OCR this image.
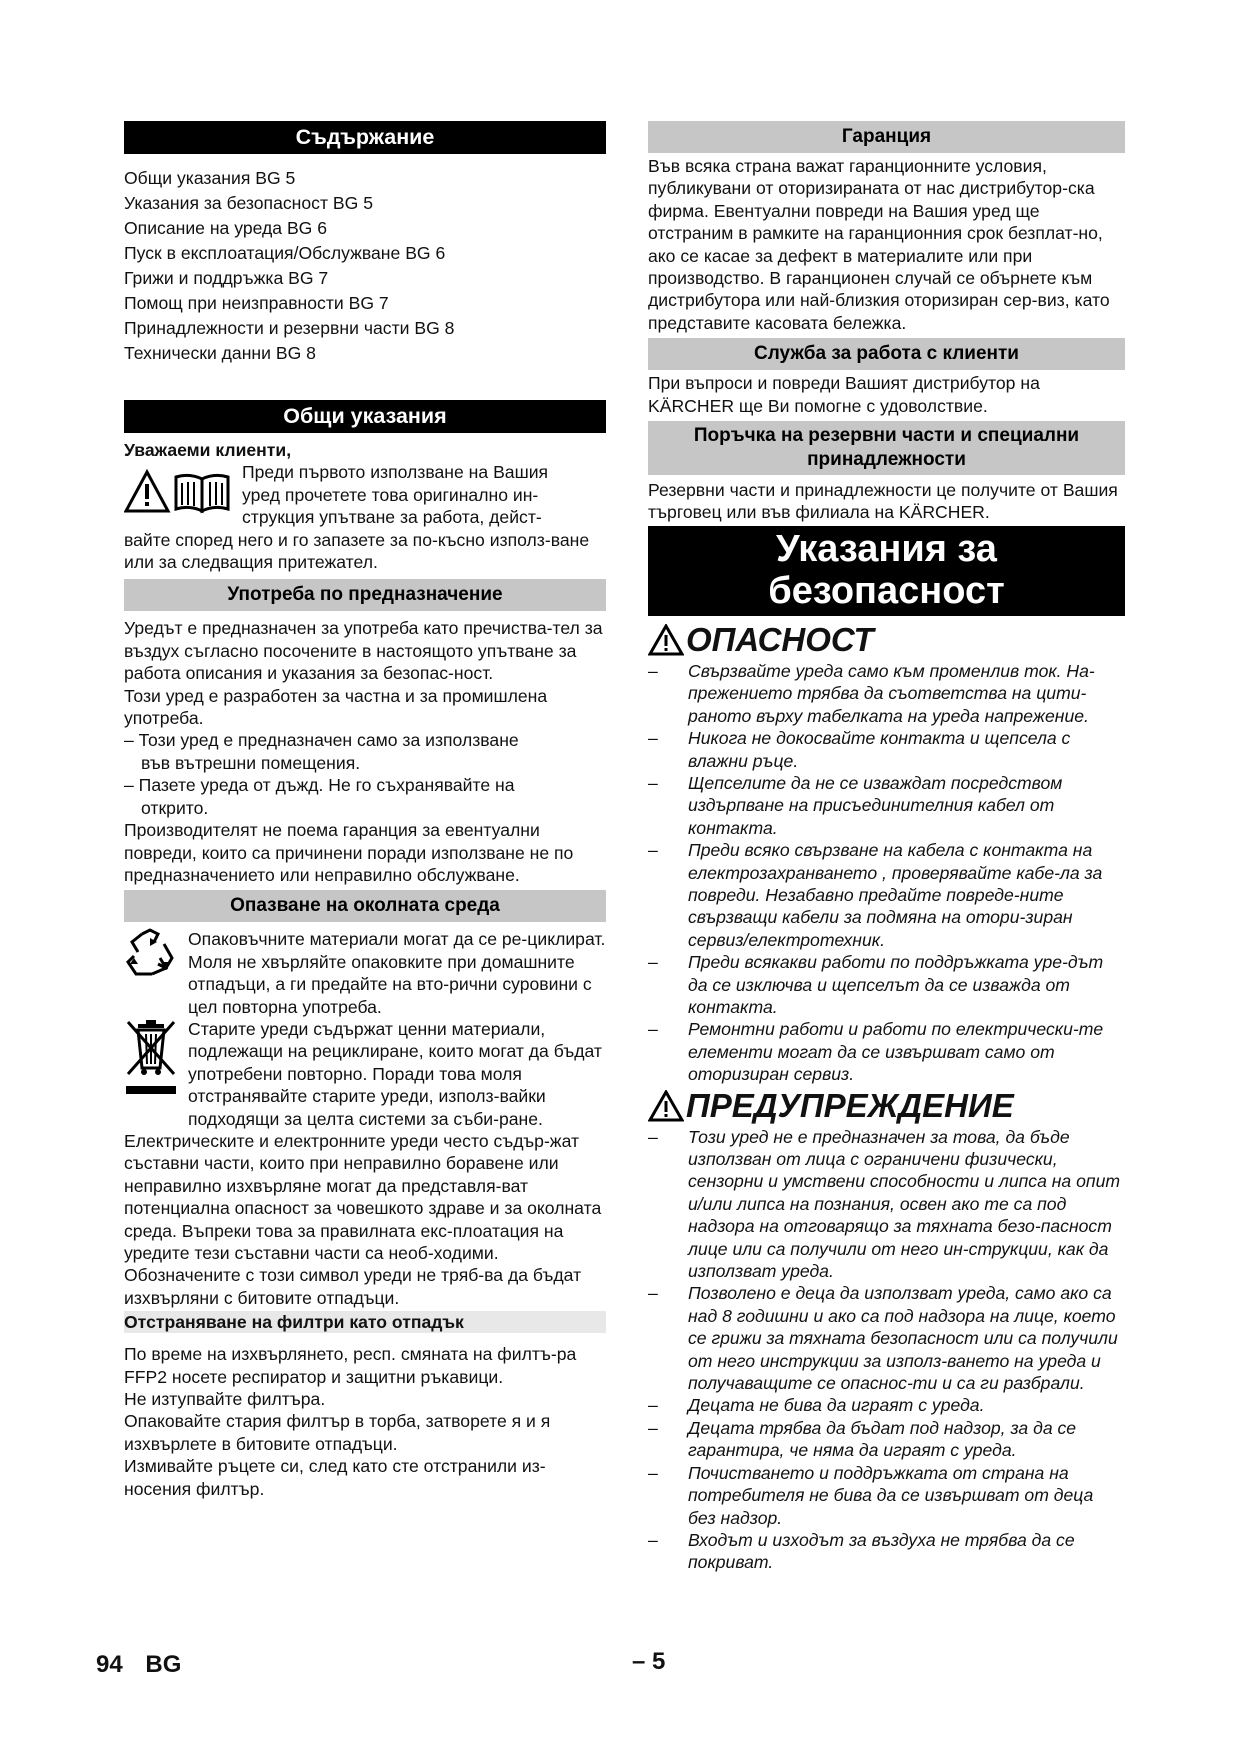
Съдържание
Общи указания BG 5
Указания за безопасност BG 5
Описание на уреда BG 6
Пуск в експлоатация/Обслужване BG 6
Грижи и поддръжка BG 7
Помощ при неизправности BG 7
Принадлежности и резервни части BG 8
Технически данни BG 8
Общи указания

Уважаеми клиенти,

Преди първото използване на Вашия

уред прочетете това оригинално ин-

струкция упътване за работа, дейст-

вайте според него и го запазете за по-късно използ-ване или за следващия притежател.

Употреба по предназначение

Уредът е предназначен за употреба като пречиства-тел за въздух съгласно посочените в настоящото упътване за работа описания и указания за безопас-ност.

Този уред е разработен за частна и за промишлена употреба.

– Този уред е предназначен само за използване

във вътрешни помещения.

– Пазете уреда от дъжд. Не го съхранявайте на

открито.

Производителят не поема гаранция за евентуални повреди, които са причинени поради използване не по предназначението или неправилно обслужване.

Опазване на околната среда

Опаковъчните материали могат да се ре-циклират. Моля не хвърляйте опаковките при домашните отпадъци, а ги предайте на вто-рични суровини с цел повторна употреба.

Старите уреди съдържат ценни материали, подлежащи на рециклиране, които могат да бъдат употребени повторно. Поради това моля отстранявайте старите уреди, използ-вайки подходящи за целта системи за съби-ране.

Електрическите и електронните уреди често съдър-жат съставни части, които при неправилно боравене или неправилно изхвърляне могат да представля-ват потенциална опасност за човешкото здраве и за околната среда. Въпреки това за правилната екс-плоатация на уредите тези съставни части са необ-ходими. Обозначените с този символ уреди не тряб-ва да бъдат изхвърляни с битовите отпадъци.

Отстраняване на филтри като отпадък

По време на изхвърлянето, респ. смяната на филтъ-ра FFP2 носете респиратор и защитни ръкавици.

Не изтупвайте филтъра.

Опаковайте стария филтър в торба, затворете я и я изхвърлете в битовите отпадъци.

Измивайте ръцете си, след като сте отстранили из-носения филтър.

Гаранция

Във всяка страна важат гаранционните условия, публикувани от оторизираната от нас дистрибутор-ска фирма. Евентуални повреди на Вашия уред ще отстраним в рамките на гаранционния срок безплат-но, ако се касае за дефект в материалите или при производство. В гаранционен случай се обърнете към дистрибутора или най-близкия оторизиран сер-виз, като представите касовата бележка.

Служба за работа с клиенти

При въпроси и повреди Вашият дистрибутор на KÄRCHER ще Ви помогне с удоволствие.

Поръчка на резервни части и специални принадлежности

Резервни части и принадлежности це получите от Вашия търговец или във филиала на KÄRCHER.

Указания за
безопасност
ОПАСНОСТ
–	Свързвайте уреда само към променлив ток. На-прежението трябва да съответства на цити-раното върху табелката на уреда напрежение.
–	Никога не докосвайте контакта и щепсела с влажни ръце.
–	Щепселите да не се изваждат посредством издърпване на присъединителния кабел от контакта.
–	Преди всяко свързване на кабела с контакта на електрозахранването , проверявайте кабе-ла за повреди. Незабавно предайте повреде-ните свързващи кабели за подмяна на отори-зиран сервиз/електротехник.
–	Преди всякакви работи по поддръжката уре-дът да се изключва и щепселът да се изважда от контакта.
–	Ремонтни работи и работи по електрически-те елементи могат да се извършват само от оторизиран сервиз.
ПРЕДУПРЕЖДЕНИЕ
–	Този уред не е предназначен за това, да бъде използван от лица с ограничени физически, сензорни и умствени способности и липса на опит и/или липса на познания, освен ако те са под надзора на отговарящо за тяхната безо-пасност лице или са получили от него ин-струкции, как да използват уреда.
–	Позволено е деца да използват уреда, само ако са над 8 годишни и ако са под надзора на лице, което се грижи за тяхната безопасност или са получили от него инструкции за използ-ването на уреда и получаващите се опаснос-ти и са ги разбрали.
–	Децата не бива да играят с уреда.
–	Децата трябва да бъдат под надзор, за да се гарантира, че няма да играят с уреда.
–	Почистването и поддръжката от страна на потребителя не бива да се извършват от деца без надзор.
–	Входът и изходът за въздуха не трябва да се покриват.
94 BG	– 5
